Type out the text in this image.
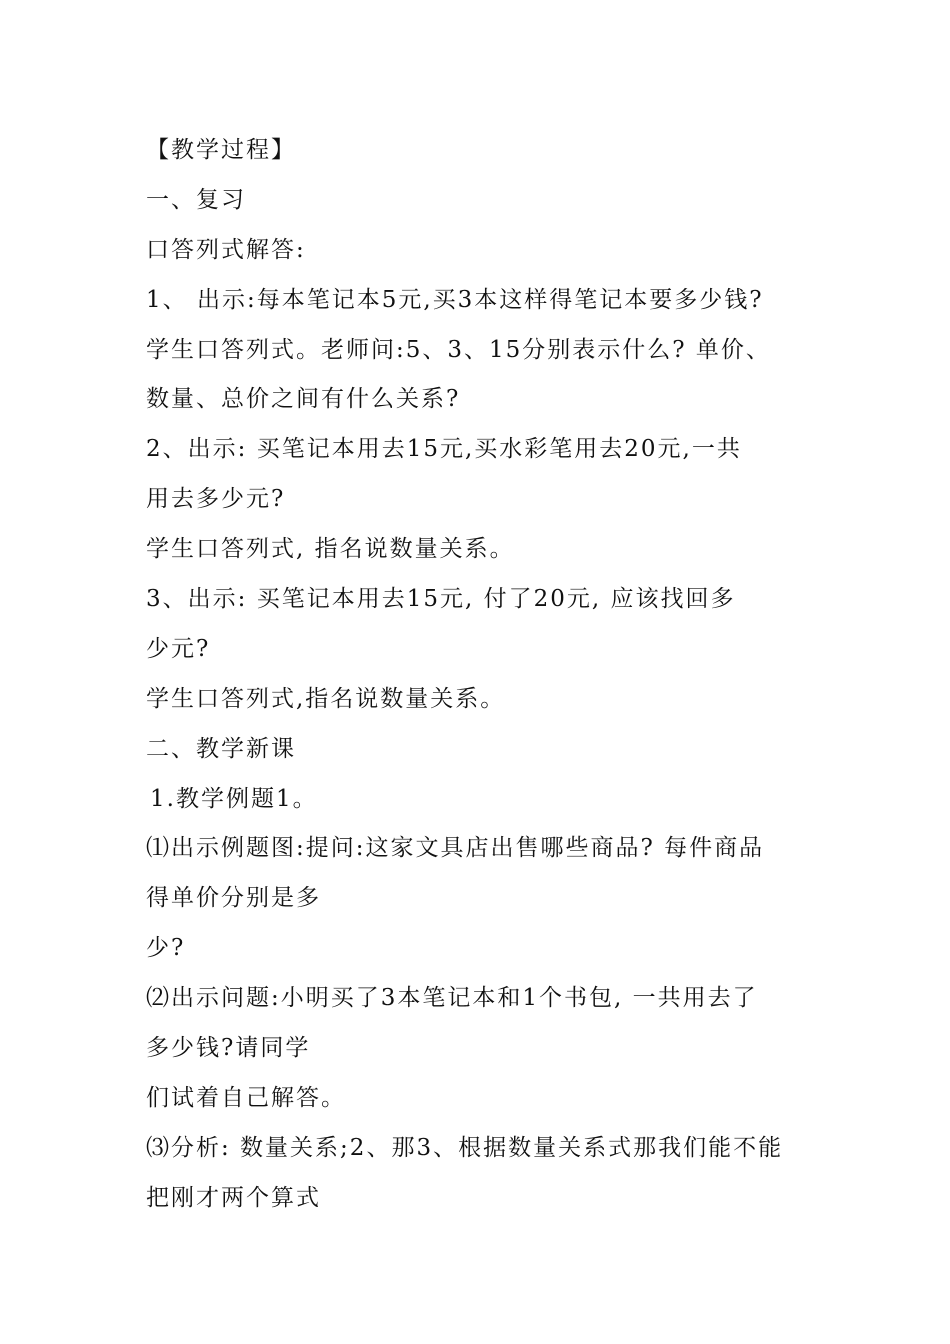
【教学过程】
一、复习
口答列式解答:
1、 出示:每本笔记本5元,买3本这样得笔记本要多少钱?
学生口答列式。老师问:5、3、15分别表示什么? 单价、
数量、总价之间有什么关系?
2、出示: 买笔记本用去15元,买水彩笔用去20元,一共
用去多少元?
学生口答列式, 指名说数量关系。
3、出示: 买笔记本用去15元, 付了20元, 应该找回多
少元?
学生口答列式,指名说数量关系。
二、教学新课
1.教学例题1。
⑴出示例题图:提问:这家文具店出售哪些商品? 每件商品
得单价分别是多
少?
⑵出示问题:小明买了3本笔记本和1个书包, 一共用去了
多少钱?请同学
们试着自己解答。
⑶分析: 数量关系;2、那3、根据数量关系式那我们能不能
把刚才两个算式
